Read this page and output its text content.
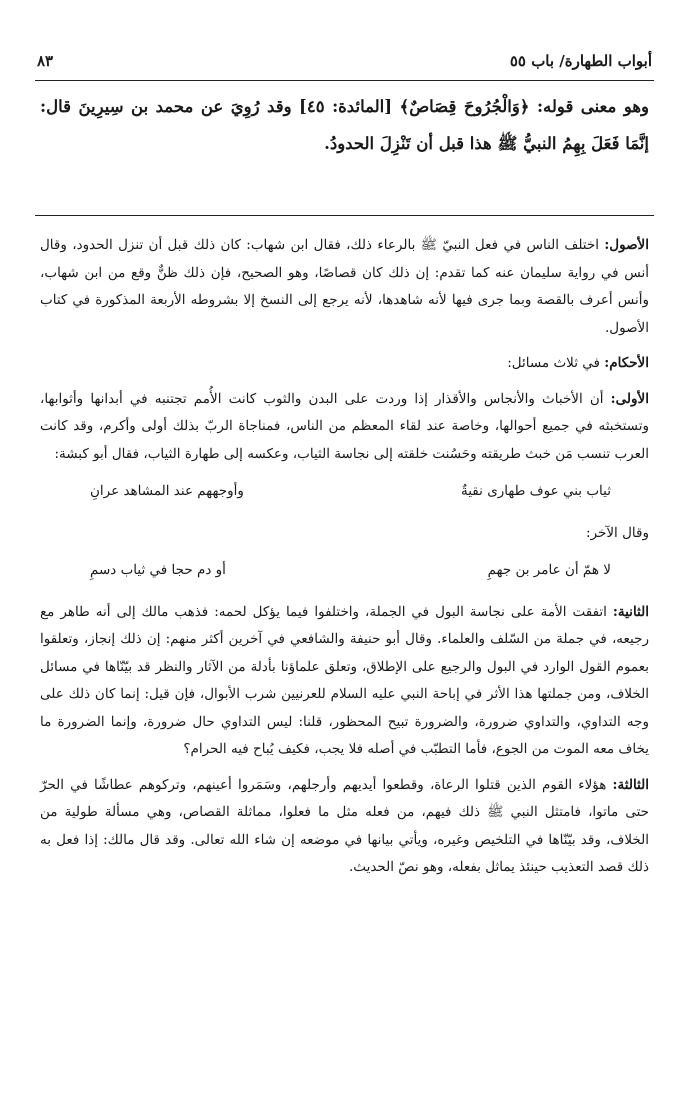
أبواب الطهارة/ باب ٥٥
٨٣
وهو معنى قوله: ﴿وَالْجُرُوحَ قِصَاصٌ﴾ [المائدة: ٤٥] وقد رُوِيَ عن محمد بن سِيرِينَ قال: إنَّمَا فَعَلَ بِهِمُ النبيُّ ﷺ هذا قبل أن تَنْزِلَ الحدودُ.

الأصول: اختلف الناس في فعل النبيّ ﷺ بالرعاء ذلك، فقال ابن شهاب: كان ذلك قبل أن تنزل الحدود، وقال أنس في رواية سليمان عنه كما تقدم: إن ذلك كان قصاصًا، وهو الصحيح، فإن ذلك ظنٌّ وقع من ابن شهاب، وأنس أعرف بالقصة وبما جرى فيها لأنه شاهدها، لأنه يرجع إلى النسخ إلا بشروطه الأربعة المذكورة في كتاب الأصول.

الأحكام: في ثلاث مسائل:

الأولى: أن الأخباث والأنجاس والأقذار إذا وردت على البدن والثوب كانت الأُمم تجتنبه في أبدانها وأثوابها، وتستخبثه في جميع أحوالها، وخاصة عند لقاء المعظم من الناس، فمناجاة الربّ بذلك أولى وأكرم، وقد كانت العرب تنسب مَن خبث طريقته وحَسُنت خلقته إلى نجاسة الثياب، وعكسه إلى طهارة الثياب، فقال أبو كبشة:

ثياب بني عوف طهارى نقيةٌ
وأوجههم عند المشاهد عرانِ

وقال الآخر:

لا همّ أن عامر بن جهمِ
أو دم حجا في ثياب دسمِ

الثانية: اتفقت الأمة على نجاسة البول في الجملة، واختلفوا فيما يؤكل لحمه: فذهب مالك إلى أنه طاهر مع رجيعه، في جملة من السّلف والعلماء. وقال أبو حنيفة والشافعي في آخرين أكثر منهم: إن ذلك إنجاز، وتعلقوا بعموم القول الوارد في البول والرجيع على الإطلاق، وتعلق علماؤنا بأدلة من الآثار والنظر قد بيّنّاها في مسائل الخلاف، ومن جملتها هذا الأثر في إباحة النبي عليه السلام للعرنيين شرب الأبوال، فإن قيل: إنما كان ذلك على وجه التداوي، والتداوي ضرورة، والضرورة تبيح المحظور، قلنا: ليس التداوي حال ضرورة، وإنما الضرورة ما يخاف معه الموت من الجوع، فأما التطبّب في أصله فلا يجب، فكيف يُباح فيه الحرام؟

الثالثة: هؤلاء القوم الذين قتلوا الرعاة، وقطعوا أيديهم وأرجلهم، وسَمَروا أعينهم، وتركوهم عطاشًا في الحرّ حتى ماتوا، فامتثل النبي ﷺ ذلك فيهم، من فعله مثل ما فعلوا، مماثلة القصاص، وهي مسألة طولية من الخلاف، وقد بيّنّاها في التلخيص وغيره، ويأتي بيانها في موضعه إن شاء الله تعالى. وقد قال مالك: إذا فعل به ذلك قصد التعذيب حينئذ يماثل بفعله، وهو نصّ الحديث.
